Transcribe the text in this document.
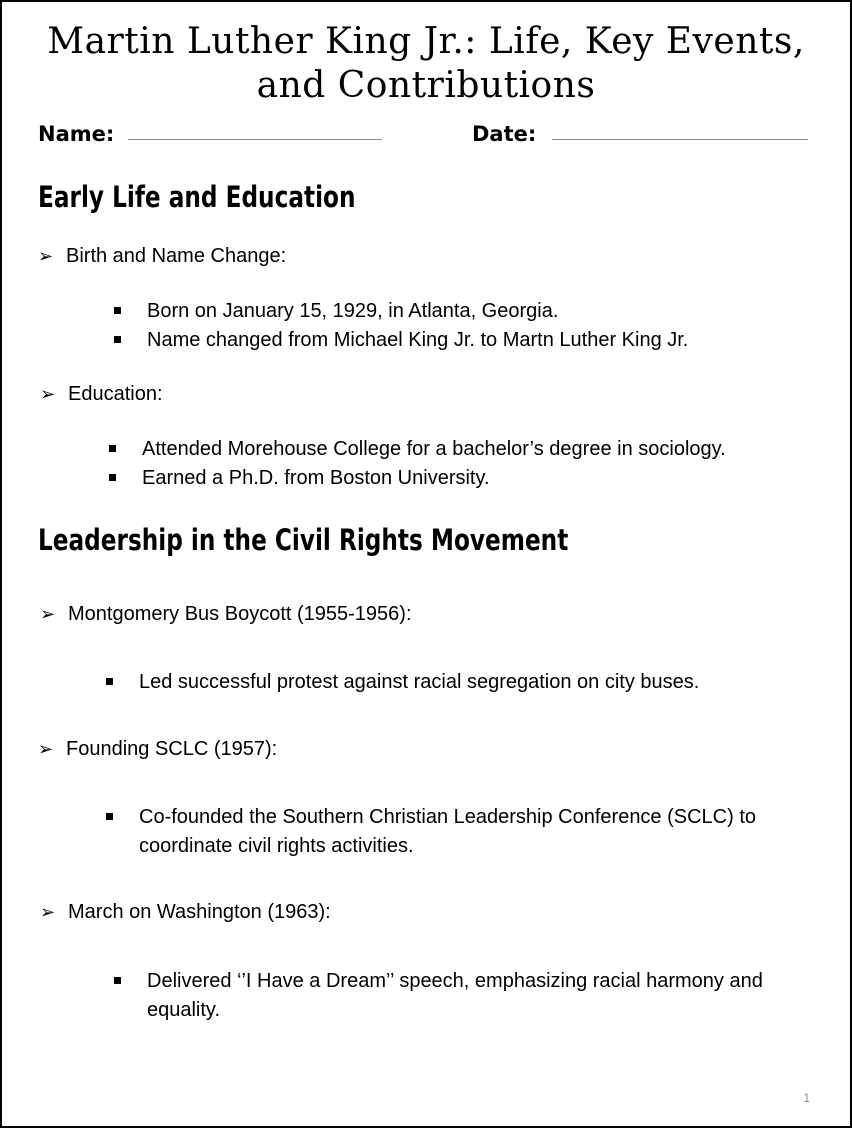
Martin Luther King Jr.: Life, Key Events, and Contributions
Name:	Date:
Early Life and Education
➢ Birth and Name Change:
Born on January 15, 1929, in Atlanta, Georgia.
Name changed from Michael King Jr. to Martn Luther King Jr.
➢ Education:
Attended Morehouse College for a bachelor’s degree in sociology.
Earned a Ph.D. from Boston University.
Leadership in the Civil Rights Movement
➢ Montgomery Bus Boycott (1955-1956):
Led successful protest against racial segregation on city buses.
➢ Founding SCLC (1957):
Co-founded the Southern Christian Leadership Conference (SCLC) to coordinate civil rights activities.
➢ March on Washington (1963):
Delivered ‘’I Have a Dream’’ speech, emphasizing racial harmony and equality.
1
